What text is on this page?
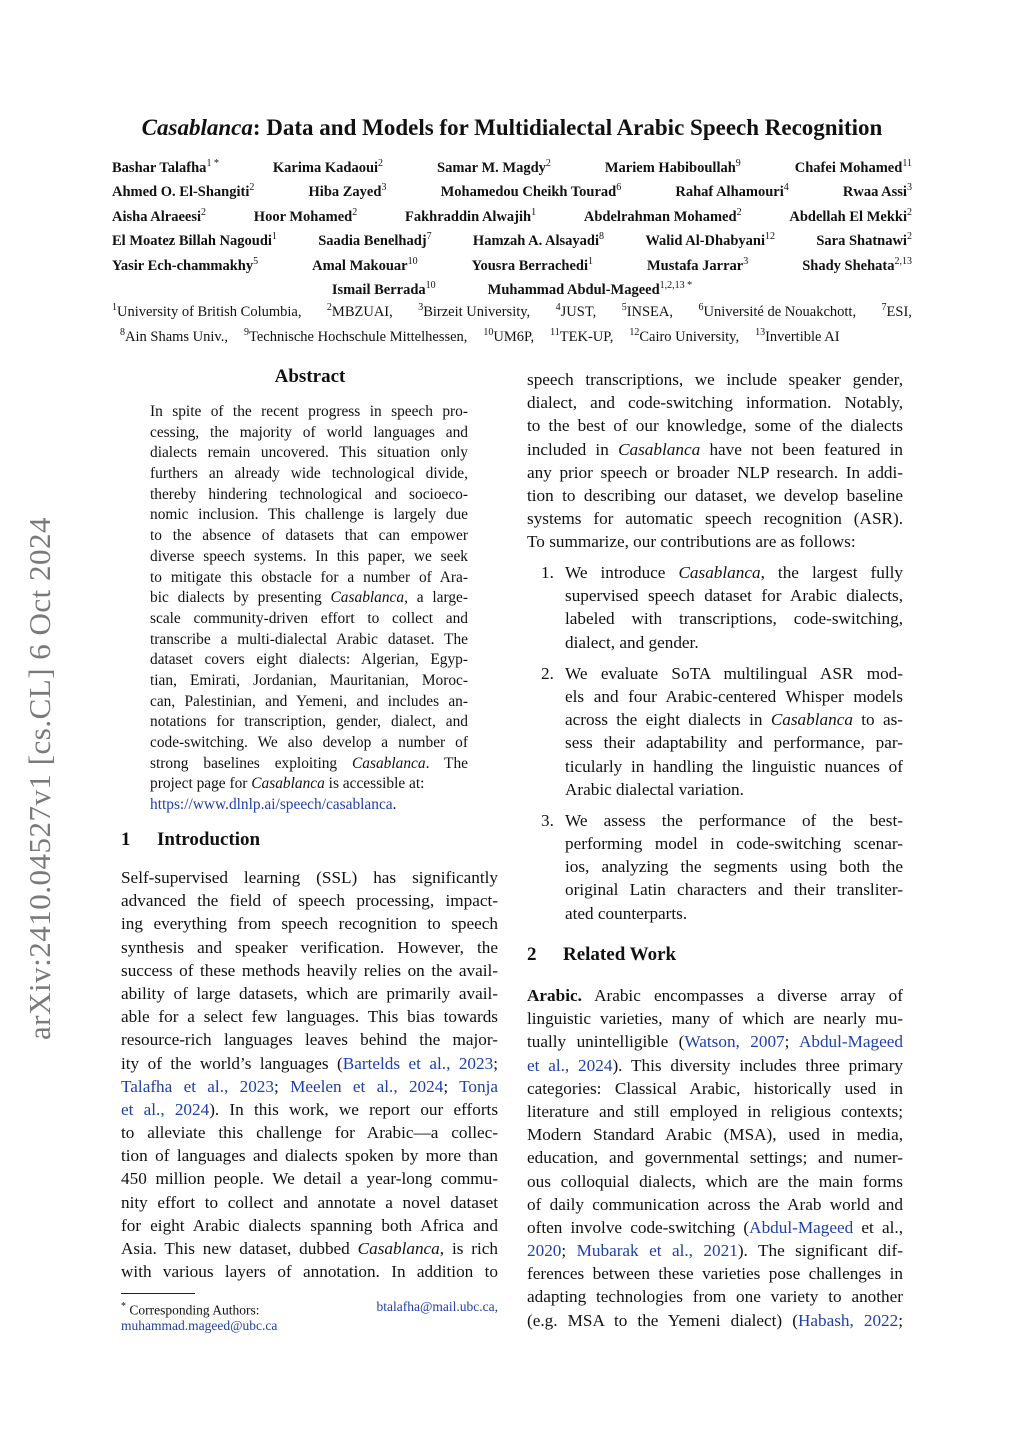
arXiv:2410.04527v1 [cs.CL] 6 Oct 2024
Casablanca: Data and Models for Multidialectal Arabic Speech Recognition
Bashar Talafha$^{1 *}$	Karima Kadaoui$^2$	Samar M. Magdy$^2$	Mariem Habiboullah$^9$	Chafei Mohamed$^{11}$
Ahmed O. El-Shangiti$^2$	Hiba Zayed$^3$	Mohamedou Cheikh Tourad$^6$	Rahaf Alhamouri$^4$	Rwaa Assi$^3$
Aisha Alraeesi$^2$	Hoor Mohamed$^2$	Fakhraddin Alwajih$^1$	Abdelrahman Mohamed$^2$	Abdellah El Mekki$^2$
El Moatez Billah Nagoudi$^1$	Saadia Benelhadj$^7$	Hamzah A. Alsayadi$^8$	Walid Al-Dhabyani$^{12}$	Sara Shatnawi$^2$
Yasir Ech-chammakhy$^5$	Amal Makouar$^{10}$	Yousra Berrachedi$^1$	Mustafa Jarrar$^3$	Shady Shehata$^{2,13}$
Ismail Berrada$^{10}$	Muhammad Abdul-Mageed$^{1,2,13 *}$
$^1$University of British Columbia,	$^2$MBZUAI,	$^3$Birzeit University,	$^4$JUST,	$^5$INSEA,	$^6$Université de Nouakchott,	$^7$ESI,
$^8$Ain Shams Univ., $^9$Technische Hochschule Mittelhessen, $^{10}$UM6P, $^{11}$TEK-UP, $^{12}$Cairo University, $^{13}$Invertible AI
Abstract
In spite of the recent progress in speech pro-
cessing, the majority of world languages and
dialects remain uncovered. This situation only
furthers an already wide technological divide,
thereby hindering technological and socioeco-
nomic inclusion. This challenge is largely due
to the absence of datasets that can empower
diverse speech systems. In this paper, we seek
to mitigate this obstacle for a number of Ara-
bic dialects by presenting Casablanca, a large-
scale community-driven effort to collect and
transcribe a multi-dialectal Arabic dataset. The
dataset covers eight dialects: Algerian, Egyp-
tian, Emirati, Jordanian, Mauritanian, Moroc-
can, Palestinian, and Yemeni, and includes an-
notations for transcription, gender, dialect, and
code-switching. We also develop a number of
strong baselines exploiting Casablanca. The
project page for Casablanca is accessible at:
https://www.dlnlp.ai/speech/casablanca.
1 Introduction
Self-supervised learning (SSL) has significantly
advanced the field of speech processing, impact-
ing everything from speech recognition to speech
synthesis and speaker verification. However, the
success of these methods heavily relies on the avail-
ability of large datasets, which are primarily avail-
able for a select few languages. This bias towards
resource-rich languages leaves behind the major-
ity of the world’s languages (Bartelds et al., 2023;
Talafha et al., 2023; Meelen et al., 2024; Tonja
et al., 2024). In this work, we report our efforts
to alleviate this challenge for Arabic—a collec-
tion of languages and dialects spoken by more than
450 million people. We detail a year-long commu-
nity effort to collect and annotate a novel dataset
for eight Arabic dialects spanning both Africa and
Asia. This new dataset, dubbed Casablanca, is rich
with various layers of annotation. In addition to
speech transcriptions, we include speaker gender,
dialect, and code-switching information. Notably,
to the best of our knowledge, some of the dialects
included in Casablanca have not been featured in
any prior speech or broader NLP research. In addi-
tion to describing our dataset, we develop baseline
systems for automatic speech recognition (ASR).
To summarize, our contributions are as follows:
1. We introduce Casablanca, the largest fully
supervised speech dataset for Arabic dialects,
labeled with transcriptions, code-switching,
dialect, and gender.
2. We evaluate SoTA multilingual ASR mod-
els and four Arabic-centered Whisper models
across the eight dialects in Casablanca to as-
sess their adaptability and performance, par-
ticularly in handling the linguistic nuances of
Arabic dialectal variation.
3. We assess the performance of the best-
performing model in code-switching scenar-
ios, analyzing the segments using both the
original Latin characters and their transliter-
ated counterparts.
2 Related Work
Arabic. Arabic encompasses a diverse array of
linguistic varieties, many of which are nearly mu-
tually unintelligible (Watson, 2007; Abdul-Mageed
et al., 2024). This diversity includes three primary
categories: Classical Arabic, historically used in
literature and still employed in religious contexts;
Modern Standard Arabic (MSA), used in media,
education, and governmental settings; and numer-
ous colloquial dialects, which are the main forms
of daily communication across the Arab world and
often involve code-switching (Abdul-Mageed et al.,
2020; Mubarak et al., 2021). The significant dif-
ferences between these varieties pose challenges in
adapting technologies from one variety to another
(e.g. MSA to the Yemeni dialect) (Habash, 2022;
* Corresponding Authors:	btalafha@mail.ubc.ca,
muhammad.mageed@ubc.ca
